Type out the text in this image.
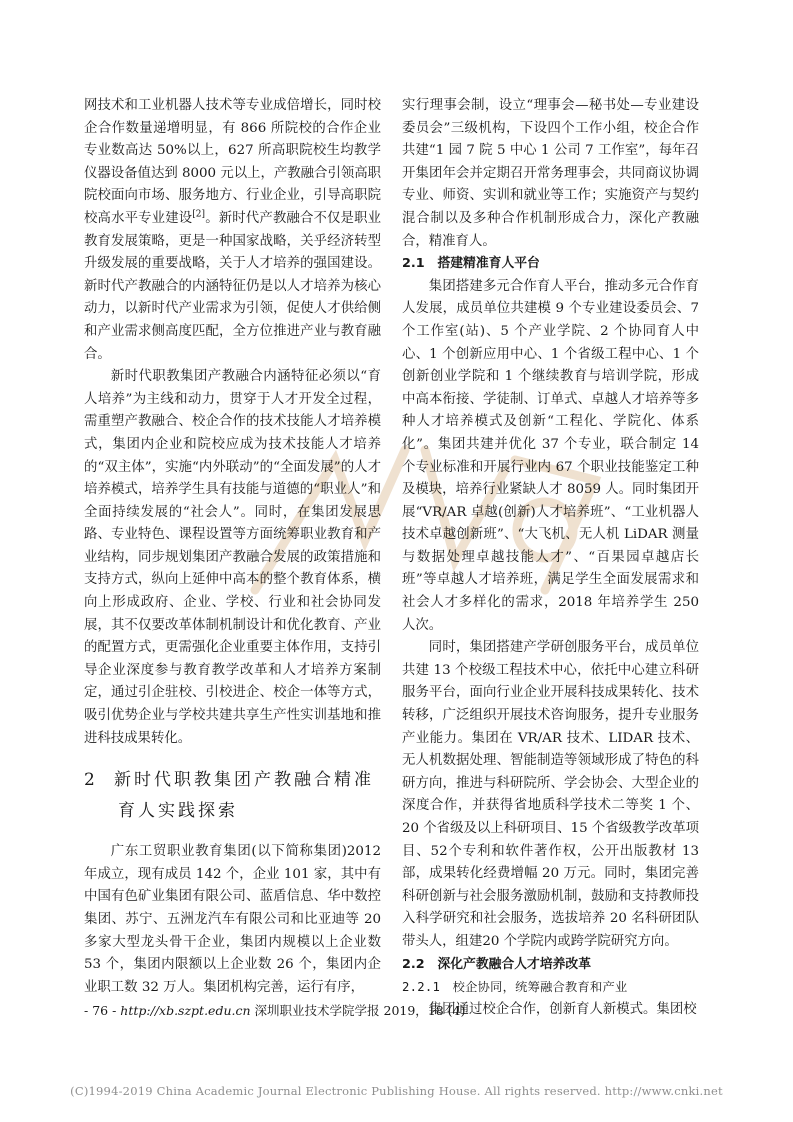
网技术和工业机器人技术等专业成倍增长，同时校企合作数量递增明显，有 866 所院校的合作企业专业数高达 50%以上，627 所高职院校生均教学仪器设备值达到 8000 元以上，产教融合引领高职院校面向市场、服务地方、行业企业，引导高职院校高水平专业建设[2]。新时代产教融合不仅是职业教育发展策略，更是一种国家战略，关乎经济转型升级发展的重要战略，关于人才培养的强国建设。新时代产教融合的内涵特征仍是以人才培养为核心动力，以新时代产业需求为引领，促使人才供给侧和产业需求侧高度匹配，全方位推进产业与教育融合。

新时代职教集团产教融合内涵特征必须以“育人培养”为主线和动力，贯穿于人才开发全过程，需重塑产教融合、校企合作的技术技能人才培养模式，集团内企业和院校应成为技术技能人才培养的“双主体”，实施“内外联动”的“全面发展”的人才培养模式，培养学生具有技能与道德的“职业人”和全面持续发展的“社会人”。同时，在集团发展思路、专业特色、课程设置等方面统筹职业教育和产业结构，同步规划集团产教融合发展的政策措施和支持方式，纵向上延伸中高本的整个教育体系，横向上形成政府、企业、学校、行业和社会协同发展，其不仅要改革体制机制设计和优化教育、产业的配置方式，更需强化企业重要主体作用，支持引导企业深度参与教育教学改革和人才培养方案制定，通过引企驻校、引校进企、校企一体等方式，吸引优势企业与学校共建共享生产性实训基地和推进科技成果转化。

2 新时代职教集团产教融合精准
育人实践探索

广东工贸职业教育集团(以下简称集团)2012年成立，现有成员 142 个，企业 101 家，其中有中国有色矿业集团有限公司、蓝盾信息、华中数控集团、苏宁、五洲龙汽车有限公司和比亚迪等 20 多家大型龙头骨干企业，集团内规模以上企业数 53 个，集团内限额以上企业数 26 个，集团内企业职工数 32 万人。集团机构完善，运行有序，

实行理事会制，设立“理事会—秘书处—专业建设委员会”三级机构，下设四个工作小组，校企合作共建“1 园 7 院 5 中心 1 公司 7 工作室”，每年召开集团年会并定期召开常务理事会，共同商议协调专业、师资、实训和就业等工作；实施资产与契约混合制以及多种合作机制形成合力，深化产教融合，精准育人。

2.1　搭建精准育人平台

集团搭建多元合作育人平台，推动多元合作育人发展，成员单位共建模 9 个专业建设委员会、7个工作室(站)、5 个产业学院、2 个协同育人中心、1 个创新应用中心、1 个省级工程中心、1 个创新创业学院和 1 个继续教育与培训学院，形成中高本衔接、学徒制、订单式、卓越人才培养等多种人才培养模式及创新“工程化、学院化、体系化”。集团共建并优化 37 个专业，联合制定 14 个专业标准和开展行业内 67 个职业技能鉴定工种及模块，培养行业紧缺人才 8059 人。同时集团开展“VR/AR 卓越(创新)人才培养班”、“工业机器人技术卓越创新班”、“大飞机、无人机 LiDAR 测量与数据处理卓越技能人才”、“百果园卓越店长班”等卓越人才培养班，满足学生全面发展需求和社会人才多样化的需求，2018 年培养学生 250 人次。

同时，集团搭建产学研创服务平台，成员单位共建 13 个校级工程技术中心，依托中心建立科研服务平台，面向行业企业开展科技成果转化、技术转移，广泛组织开展技术咨询服务，提升专业服务产业能力。集团在 VR/AR 技术、LIDAR 技术、无人机数据处理、智能制造等领域形成了特色的科研方向，推进与科研院所、学会协会、大型企业的深度合作，并获得省地质科学技术二等奖 1 个、20 个省级及以上科研项目、15 个省级教学改革项目、52个专利和软件著作权，公开出版教材 13 部，成果转化经费增幅 20 万元。同时，集团完善科研创新与社会服务激励机制，鼓励和支持教师投入科学研究和社会服务，选拔培养 20 名科研团队带头人，组建20 个学院内或跨学院研究方向。

2.2　深化产教融合人才培养改革
2.2.1　校企协同，统筹融合教育和产业

集团通过校企合作，创新育人新模式。集团校

- 76 - http://xb.szpt.edu.cn 深圳职业技术学院学报 2019，18 (4)
(C)1994-2019 China Academic Journal Electronic Publishing House. All rights reserved. http://www.cnki.net
